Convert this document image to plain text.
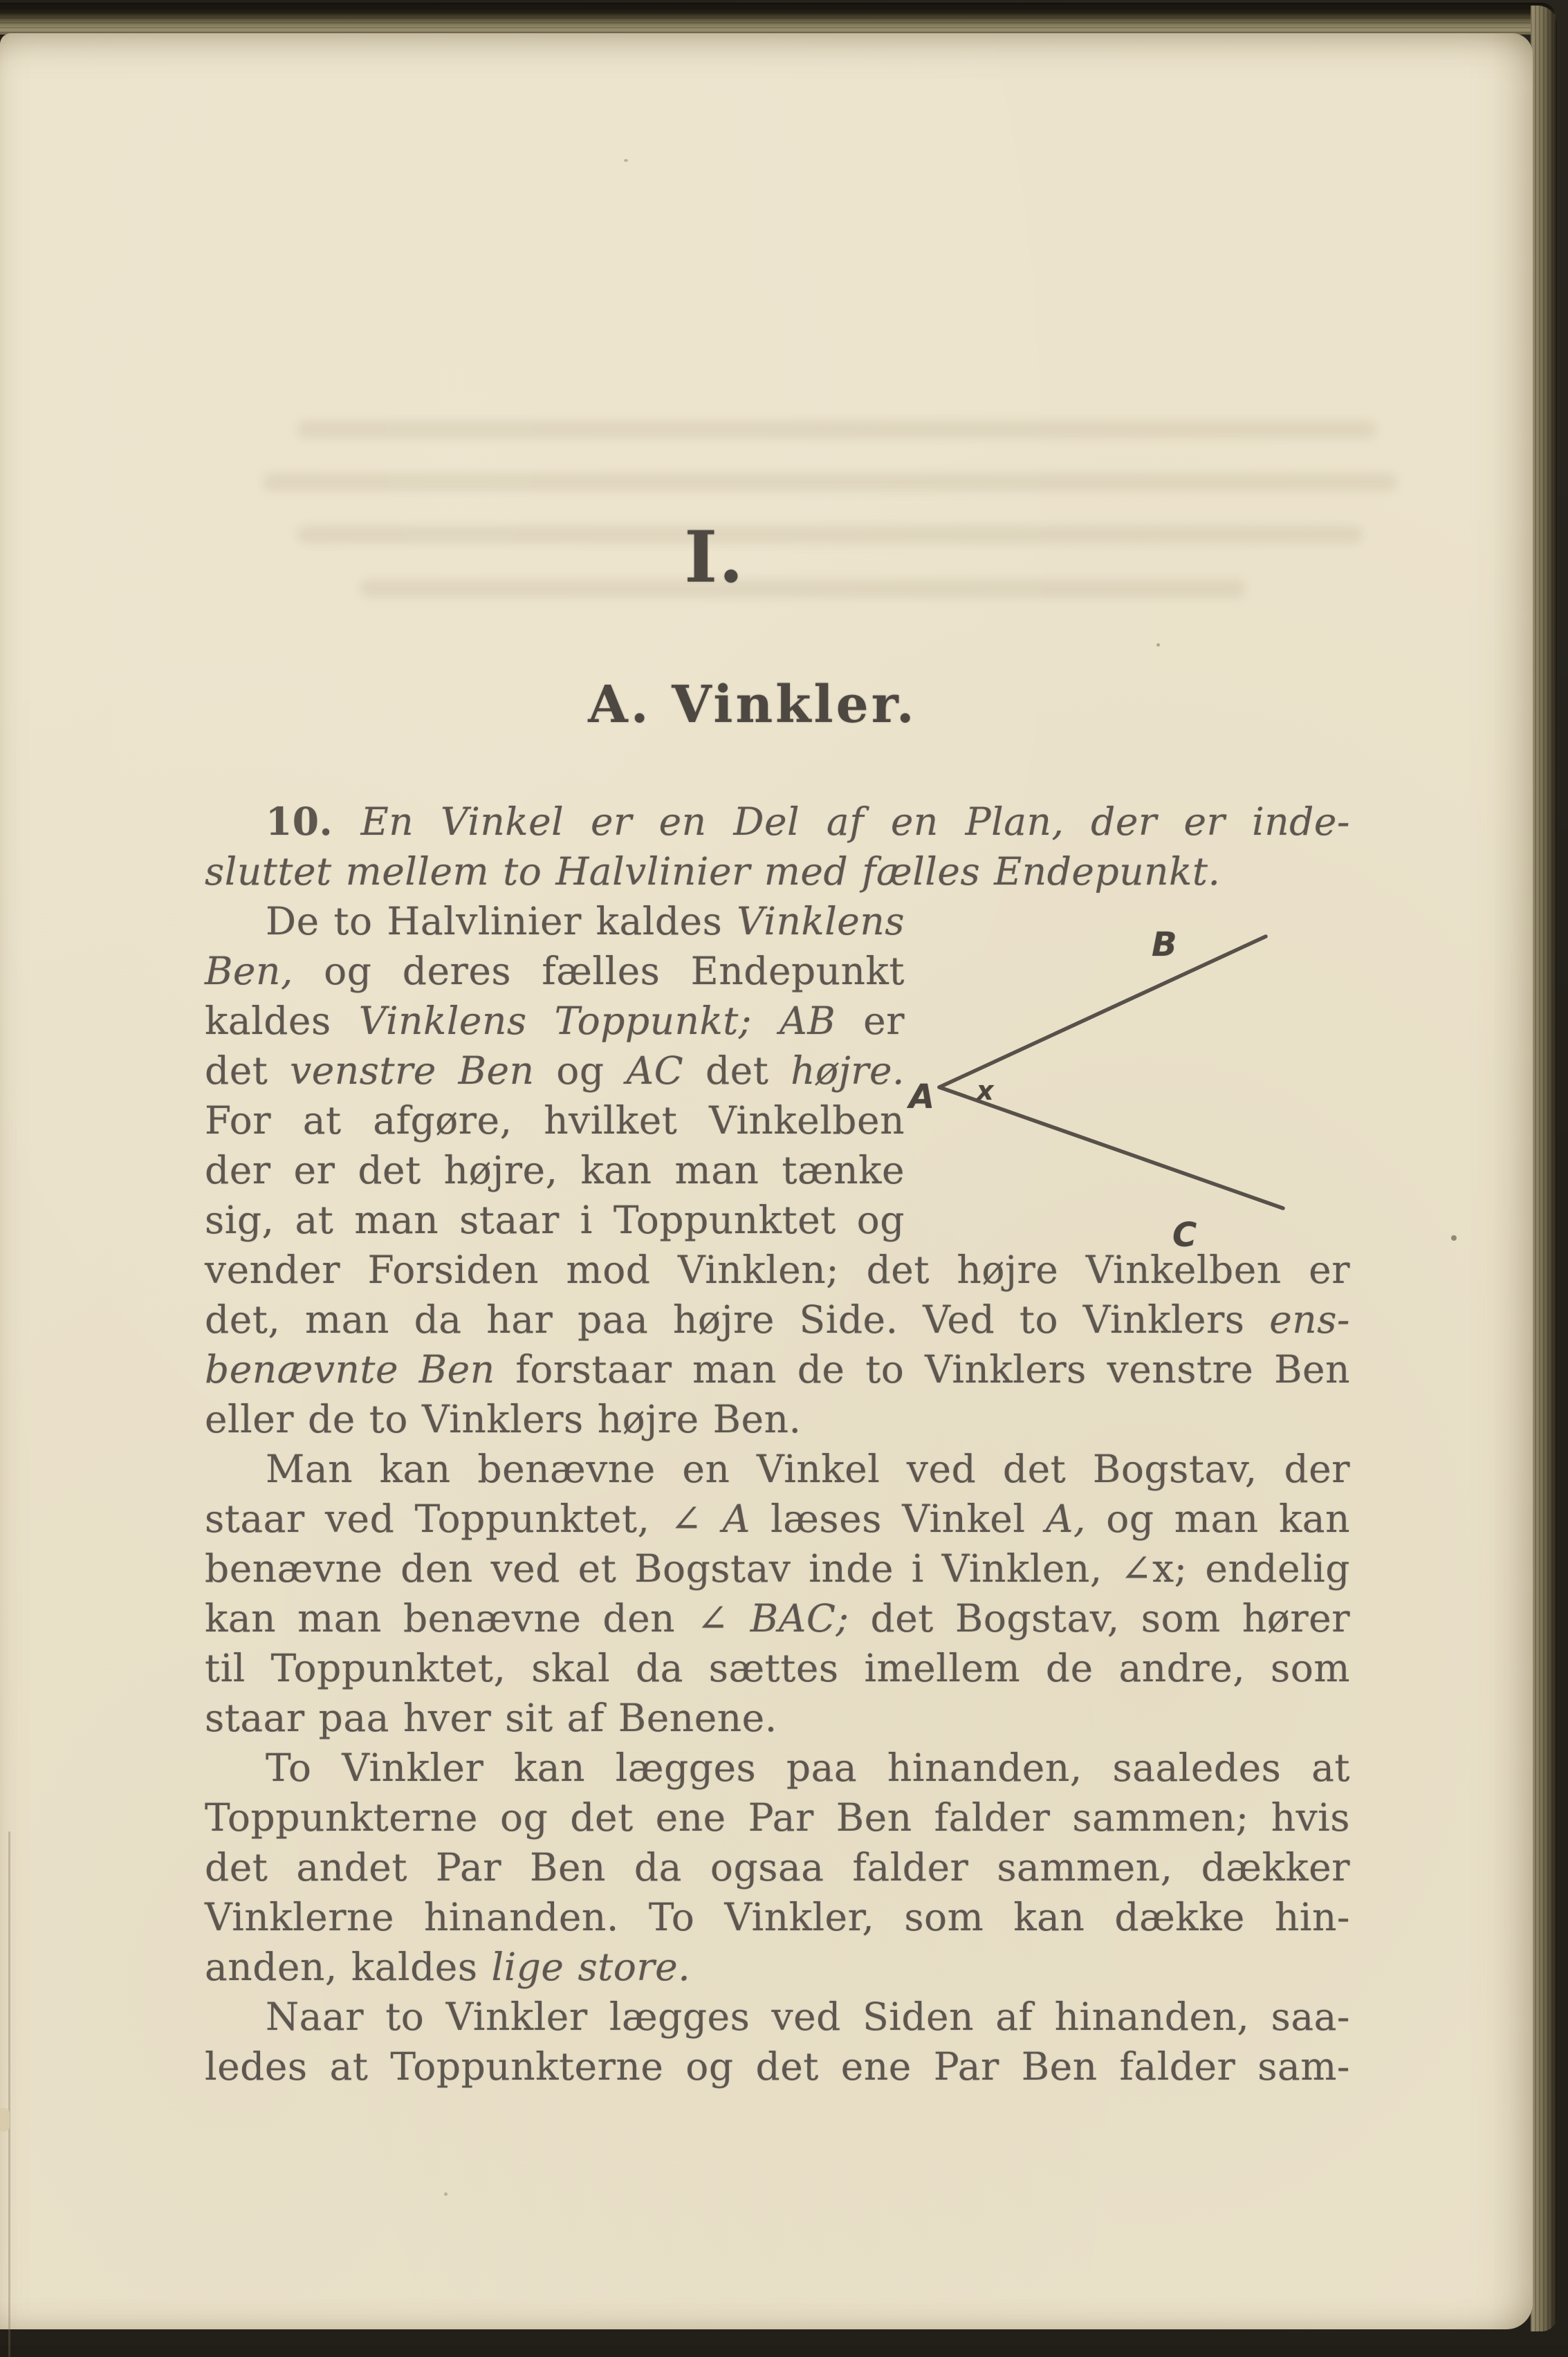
I.
A. Vinkler.
B
A x
C
10. En Vinkel er en Del af en Plan, der er inde-
sluttet mellem to Halvlinier med fælles Endepunkt.
De to Halvlinier kaldes Vinklens
Ben, og deres fælles Endepunkt
kaldes Vinklens Toppunkt; AB er
det venstre Ben og AC det højre.
For at afgøre, hvilket Vinkelben
der er det højre, kan man tænke
sig, at man staar i Toppunktet og
vender Forsiden mod Vinklen; det højre Vinkelben er
det, man da har paa højre Side. Ved to Vinklers ens-
benævnte Ben forstaar man de to Vinklers venstre Ben
eller de to Vinklers højre Ben.
Man kan benævne en Vinkel ved det Bogstav, der
staar ved Toppunktet, ∠ A læses Vinkel A, og man kan
benævne den ved et Bogstav inde i Vinklen, ∠x; endelig
kan man benævne den ∠ BAC; det Bogstav, som hører
til Toppunktet, skal da sættes imellem de andre, som
staar paa hver sit af Benene.
To Vinkler kan lægges paa hinanden, saaledes at
Toppunkterne og det ene Par Ben falder sammen; hvis
det andet Par Ben da ogsaa falder sammen, dækker
Vinklerne hinanden. To Vinkler, som kan dække hin-
anden, kaldes lige store.
Naar to Vinkler lægges ved Siden af hinanden, saa-
ledes at Toppunkterne og det ene Par Ben falder sam-
